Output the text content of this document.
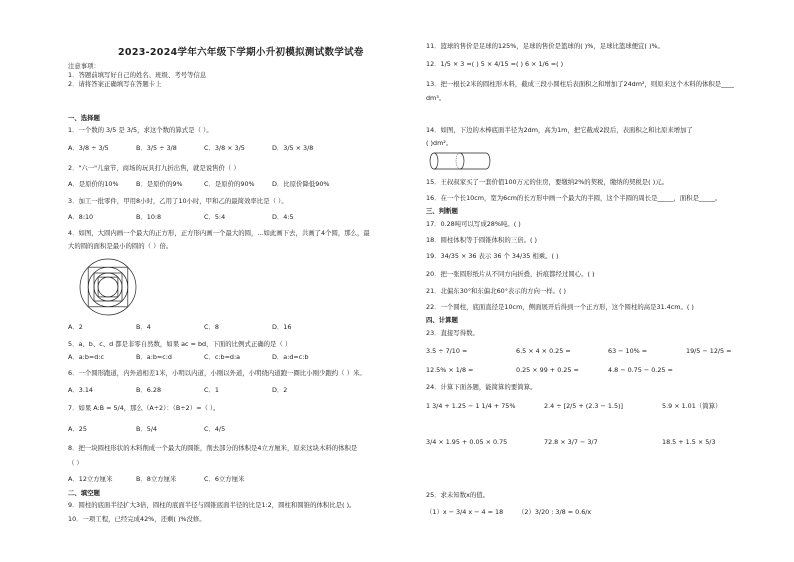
2023-2024学年六年级下学期小升初模拟测试数学试卷
注意事项：
1．答题前填写好自己的姓名、班级、考号等信息
2．请将答案正确填写在答题卡上
一、选择题
1．一个数的 3/5 是 3/5，求这个数的算式是（ ）。
A．3/8 ÷ 3/5	B．3/5 ÷ 3/8	C．3/8 × 3/5	D．3/5 × 3/8
2．"六一"儿童节，商场的玩具打九折出售，就是说售价（ ）
A．是原价的10%	B．是原价的9%	C．是原价的90%	D．比原价降低90%
3．加工一批零件，甲用8小时，乙用了10小时，甲和乙的最简效率比是（ ）。
A．8:10	B．10:8	C．5:4	D．4:5
4．如图，大圆内画一个最大的正方形，正方形内画一个最大的圆，...如此画下去，共画了4个圆，那么，最
大的圆的面积是最小的圆的（ ）倍。
A．2	B．4	C．8	D．16
5．a、b、c、d 都是非零自然数，如果 ac = bd，下面的比例式正确的是（ ）
A．a:b=d:c	B．a:b=c:d	C．c:b=d:a	D．a:d=c:b
6．一个圆形跑道，内外道相差1米，小明以内道，小刚以外道，小明绕内道跑一圈比小刚少跑约（ ）米。
A．3.14	B．6.28	C．1	D．2
7．如果 A:B = 5/4，那么（A÷2）：（B÷2）=（ ）。
A．25	B．5/4	C．4/5
8．把一块圆柱形状的木料削成一个最大的圆锥，削去部分的体积是4立方厘米，原来这块木料的体积是
（ ）
A．12立方厘米	B．8立方厘米	C．6立方厘米
二、填空题
9．圆柱的底面半径扩大3倍，圆柱的底面半径与圆锥底面半径的比是1:2，圆柱和圆锥的体积比是( )。
10．一项工程，已经完成42%，还剩( )%没修。
11．篮球的售价是足球的125%，足球的售价是篮球的( )%，足球比篮球便宜( )%。
12．1/5 × 3 =( ) 5 × 4/15 =( ) 6 × 1/6 =( )
13．把一根长2米的圆柱形木料，截成三段小圆柱后表面积之和增加了24dm²，则原来这个木料的体积是____
dm³。
14．如图，下边的木棒底面半径为2dm，高为1m，把它截成2段后，表面积之和比原来增加了
( )dm²。
15．王叔叔家买了一套价值100万元的住房，要缴纳2%的契税，缴纳的契税是( )元。
16．在一个长10cm，宽为6cm的长方形中画一个最大的半圆，这个半圆的周长是_____，面积是_____。
三、判断题
17．0.28吨可以写成28%吨。( )
18．圆柱体积等于圆锥体积的三倍。( )
19．34/35 × 36 表示 36 个 34/35 相乘。( )
20．把一张圆形纸片从不同方向折叠，折痕都经过圆心。( )
21．北偏东30°和东偏北60°表示的方向一样。( )
22．一个圆柱，底面直径是10cm，侧面展开后得到一个正方形，这个圆柱的高是31.4cm。( )
四、计算题
23．直接写得数。
3.5 ÷ 7/10 =	6.5 × 4 × 0.25 =	63 − 10% =	19/5 − 12/5 =
12.5% × 1/8 =	0.25 × 99 + 0.25 =	4.8 − 0.75 − 0.25 =
24．计算下面各题，能简算的要简算。
1 3/4 + 1.25 − 1 1/4 + 75%	2.4 ÷ [2/5 + (2.3 − 1.5)]	5.9 × 1.01（简算）
3/4 × 1.95 + 0.05 × 0.75	72.8 × 3/7 − 3/7	18.5 + 1.5 × 5/3
25．求未知数x的值。
（1）x − 3/4 x − 4 = 18	（2）3/20 : 3/8 = 0.6/x
